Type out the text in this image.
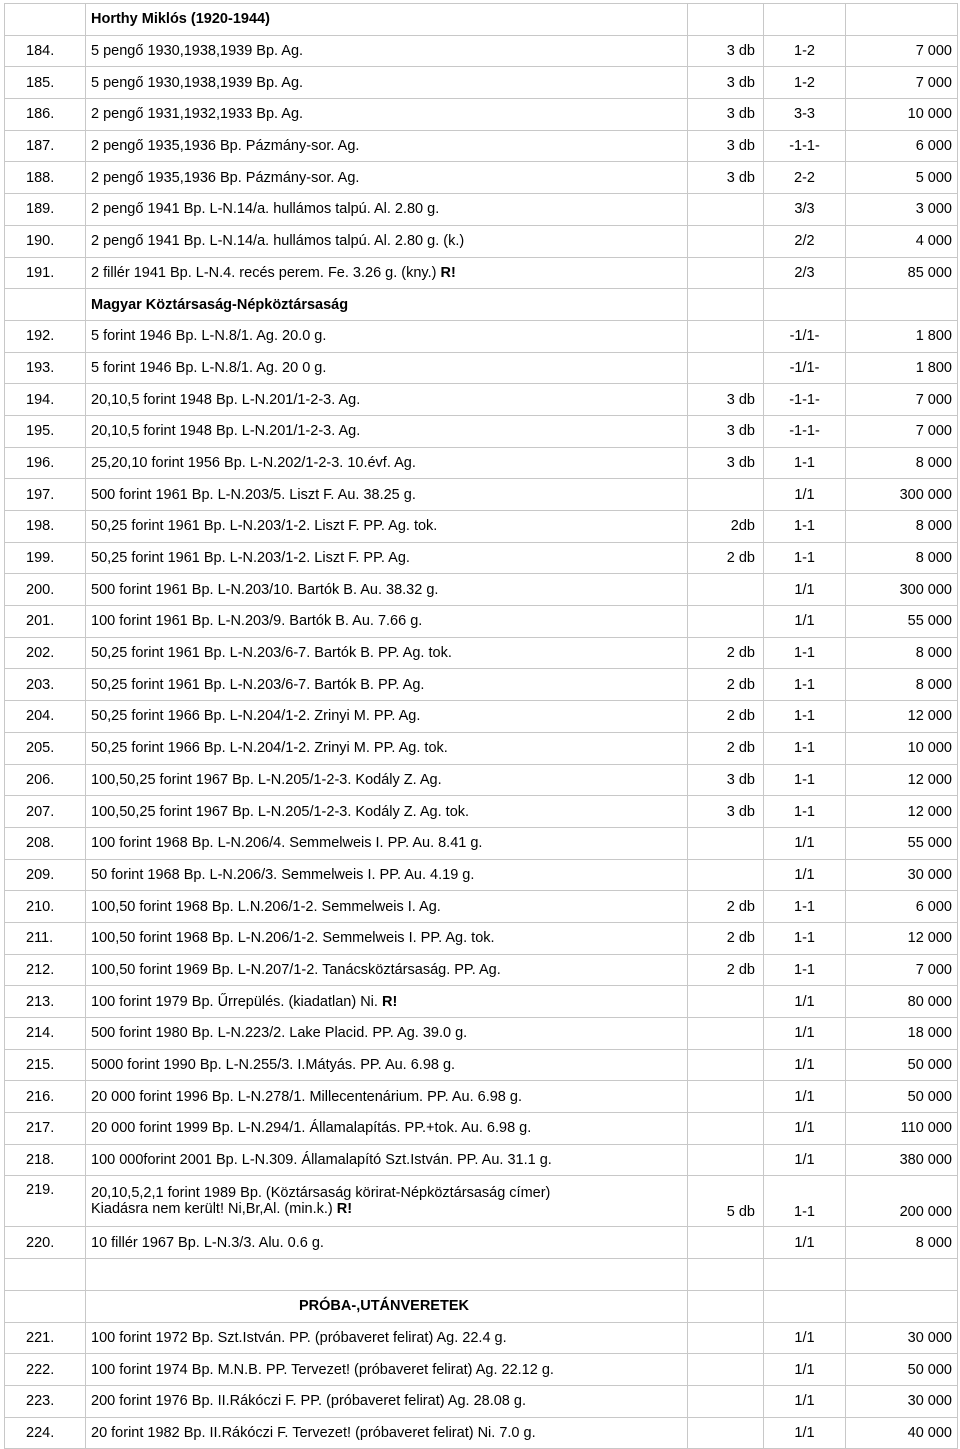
	Horthy Miklós (1920-1944)			
184.	5 pengő 1930,1938,1939 Bp. Ag.	3 db	1-2	7 000
185.	5 pengő 1930,1938,1939 Bp. Ag.	3 db	1-2	7 000
186.	2 pengő 1931,1932,1933 Bp. Ag.	3 db	3-3	10 000
187.	2 pengő 1935,1936 Bp. Pázmány-sor. Ag.	3 db	-1-1-	6 000
188.	2 pengő 1935,1936 Bp. Pázmány-sor. Ag.	3 db	2-2	5 000
189.	2 pengő 1941 Bp. L-N.14/a. hullámos talpú. Al. 2.80 g.		3/3	3 000
190.	2 pengő 1941 Bp. L-N.14/a. hullámos talpú. Al. 2.80 g. (k.)		2/2	4 000
191.	2 fillér 1941 Bp. L-N.4. recés perem. Fe. 3.26 g. (kny.) R!		2/3	85 000
	Magyar Köztársaság-Népköztársaság			
192.	5 forint 1946 Bp. L-N.8/1. Ag. 20.0 g.		-1/1-	1 800
193.	5 forint 1946 Bp. L-N.8/1. Ag. 20 0 g.		-1/1-	1 800
194.	20,10,5 forint 1948 Bp. L-N.201/1-2-3. Ag.	3 db	-1-1-	7 000
195.	20,10,5 forint 1948 Bp. L-N.201/1-2-3. Ag.	3 db	-1-1-	7 000
196.	25,20,10 forint 1956 Bp. L-N.202/1-2-3. 10.évf. Ag.	3 db	1-1	8 000
197.	500 forint 1961 Bp. L-N.203/5. Liszt F. Au. 38.25 g.		1/1	300 000
198.	50,25 forint 1961 Bp. L-N.203/1-2. Liszt F. PP. Ag. tok.	2db	1-1	8 000
199.	50,25 forint 1961 Bp. L-N.203/1-2. Liszt F. PP. Ag.	2 db	1-1	8 000
200.	500 forint 1961 Bp. L-N.203/10. Bartók B. Au. 38.32 g.		1/1	300 000
201.	100 forint 1961 Bp. L-N.203/9. Bartók B. Au. 7.66 g.		1/1	55 000
202.	50,25 forint 1961 Bp. L-N.203/6-7. Bartók B. PP. Ag. tok.	2 db	1-1	8 000
203.	50,25 forint 1961 Bp. L-N.203/6-7. Bartók B. PP. Ag.	2 db	1-1	8 000
204.	50,25 forint 1966 Bp. L-N.204/1-2. Zrinyi M. PP. Ag.	2 db	1-1	12 000
205.	50,25 forint 1966 Bp. L-N.204/1-2. Zrinyi M. PP. Ag. tok.	2 db	1-1	10 000
206.	100,50,25 forint 1967 Bp. L-N.205/1-2-3. Kodály Z. Ag.	3 db	1-1	12 000
207.	100,50,25 forint 1967 Bp. L-N.205/1-2-3. Kodály Z. Ag. tok.	3 db	1-1	12 000
208.	100 forint 1968 Bp. L-N.206/4. Semmelweis I. PP. Au. 8.41 g.		1/1	55 000
209.	50 forint 1968 Bp. L-N.206/3. Semmelweis I. PP. Au. 4.19 g.		1/1	30 000
210.	100,50 forint 1968 Bp. L.N.206/1-2. Semmelweis I. Ag.	2 db	1-1	6 000
211.	100,50 forint 1968 Bp. L-N.206/1-2. Semmelweis I. PP. Ag. tok.	2 db	1-1	12 000
212.	100,50 forint 1969 Bp. L-N.207/1-2. Tanácsköztársaság. PP. Ag.	2 db	1-1	7 000
213.	100 forint 1979 Bp. Űrrepülés. (kiadatlan) Ni. R!		1/1	80 000
214.	500 forint 1980 Bp. L-N.223/2. Lake Placid. PP. Ag. 39.0 g.		1/1	18 000
215.	5000 forint 1990 Bp. L-N.255/3. I.Mátyás. PP. Au. 6.98 g.		1/1	50 000
216.	20 000 forint 1996 Bp. L-N.278/1. Millecentenárium. PP. Au. 6.98 g.		1/1	50 000
217.	20 000 forint 1999 Bp. L-N.294/1. Államalapítás. PP.+tok. Au. 6.98 g.		1/1	110 000
218.	100 000forint 2001 Bp. L-N.309. Államalapító Szt.István. PP. Au. 31.1 g.		1/1	380 000
219.	20,10,5,2,1 forint 1989 Bp. (Köztársaság körirat-Népköztársaság címer)
Kiadásra nem került! Ni,Br,Al. (min.k.) R!	5 db	1-1	200 000
220.	10 fillér 1967 Bp. L-N.3/3. Alu. 0.6 g.		1/1	8 000

	PRÓBA-,UTÁNVERETEK			
221.	100 forint 1972 Bp. Szt.István. PP. (próbaveret felirat) Ag. 22.4 g.		1/1	30 000
222.	100 forint 1974 Bp. M.N.B. PP. Tervezet! (próbaveret felirat) Ag. 22.12 g.		1/1	50 000
223.	200 forint 1976 Bp. II.Rákóczi F. PP. (próbaveret felirat) Ag. 28.08 g.		1/1	30 000
224.	20 forint 1982 Bp. II.Rákóczi F. Tervezet! (próbaveret felirat) Ni. 7.0 g.		1/1	40 000
